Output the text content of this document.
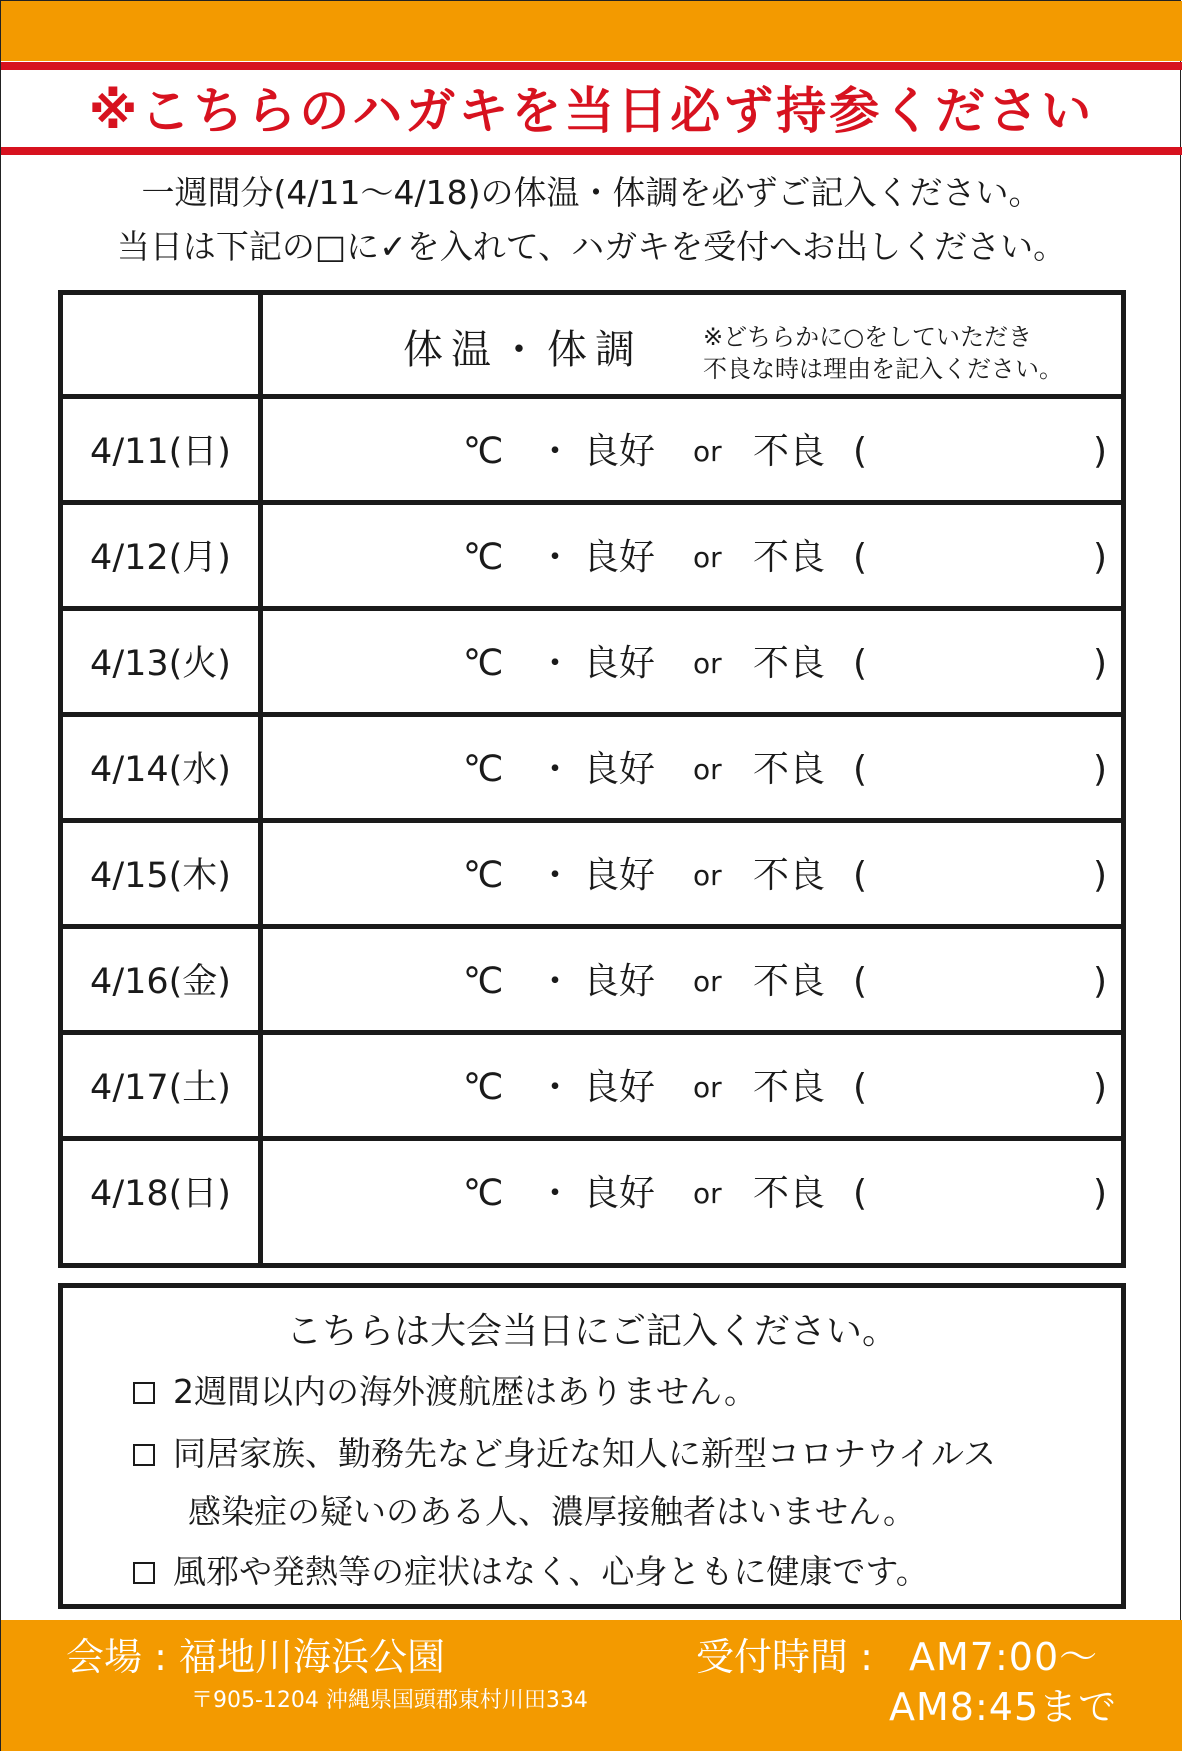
※こちらのハガキを当日必ず持参ください
一週間分(4/11〜4/18)の体温・体調を必ずご記入ください。
当日は下記の□に✓を入れて、ハガキを受付へお出しください。
体温・体調	※どちらかに○をしていただき
不良な時は理由を記入ください。
4/11(日)	℃ ・ 良好 or 不良 (	)
4/12(月)	℃ ・ 良好 or 不良 (	)
4/13(火)	℃ ・ 良好 or 不良 (	)
4/14(水)	℃ ・ 良好 or 不良 (	)
4/15(木)	℃ ・ 良好 or 不良 (	)
4/16(金)	℃ ・ 良好 or 不良 (	)
4/17(土)	℃ ・ 良好 or 不良 (	)
4/18(日)	℃ ・ 良好 or 不良 (	)
こちらは大会当日にご記入ください。
2週間以内の海外渡航歴はありません。
同居家族、勤務先など身近な知人に新型コロナウイルス
感染症の疑いのある人、濃厚接触者はいません。
風邪や発熱等の症状はなく、心身ともに健康です。
会場 : 福地川海浜公園
〒905-1204 沖縄県国頭郡東村川田334
受付時間 : AM7:00〜
AM8:45まで
